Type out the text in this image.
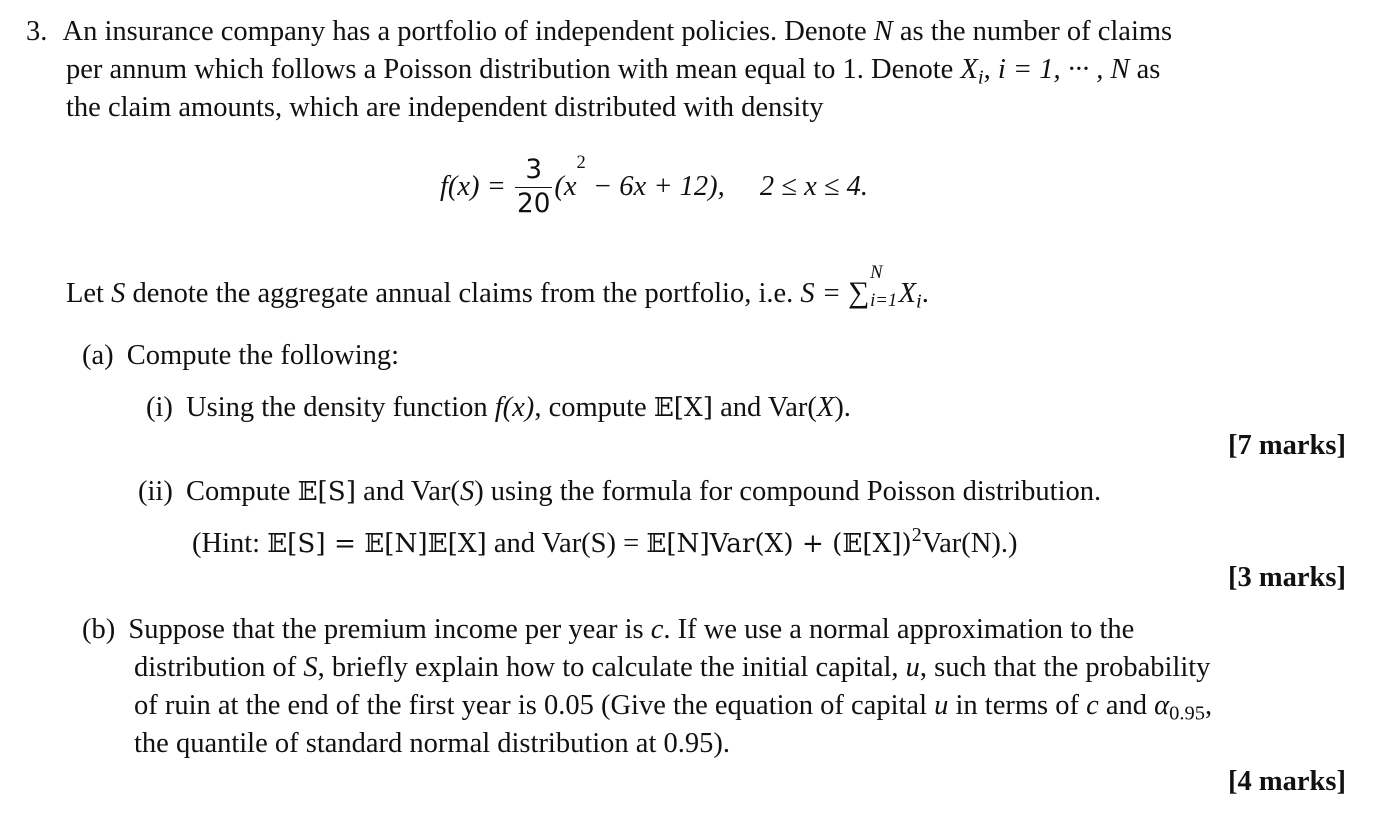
3. An insurance company has a portfolio of independent policies. Denote N as the number of claims
per annum which follows a Poisson distribution with mean equal to 1. Denote $X_i$, i = 1, ··· , N as
the claim amounts, which are independent distributed with density
$f(x) = \frac{3}{20} (x^2 - 6x + 12)$, 2 ≤ x ≤ 4.
Let S denote the aggregate annual claims from the portfolio, i.e. S = ∑
N
i=1 $X_i$.
(a) Compute the following:
(i) Using the density function f(x), compute 𝔼[X] and Var(X).
[7 marks]
(ii) Compute 𝔼[S] and Var(S) using the formula for compound Poisson distribution.
(Hint: 𝔼[S] = 𝔼[N]𝔼[X] and Var(S) = 𝔼[N]Var(X) + (𝔼[X])$^2$Var(N).)
[3 marks]
(b) Suppose that the premium income per year is c. If we use a normal approximation to the
distribution of S, briefly explain how to calculate the initial capital, u, such that the probability
of ruin at the end of the first year is 0.05 (Give the equation of capital u in terms of c and $\alpha_{0.95}$,
the quantile of standard normal distribution at 0.95).
[4 marks]
